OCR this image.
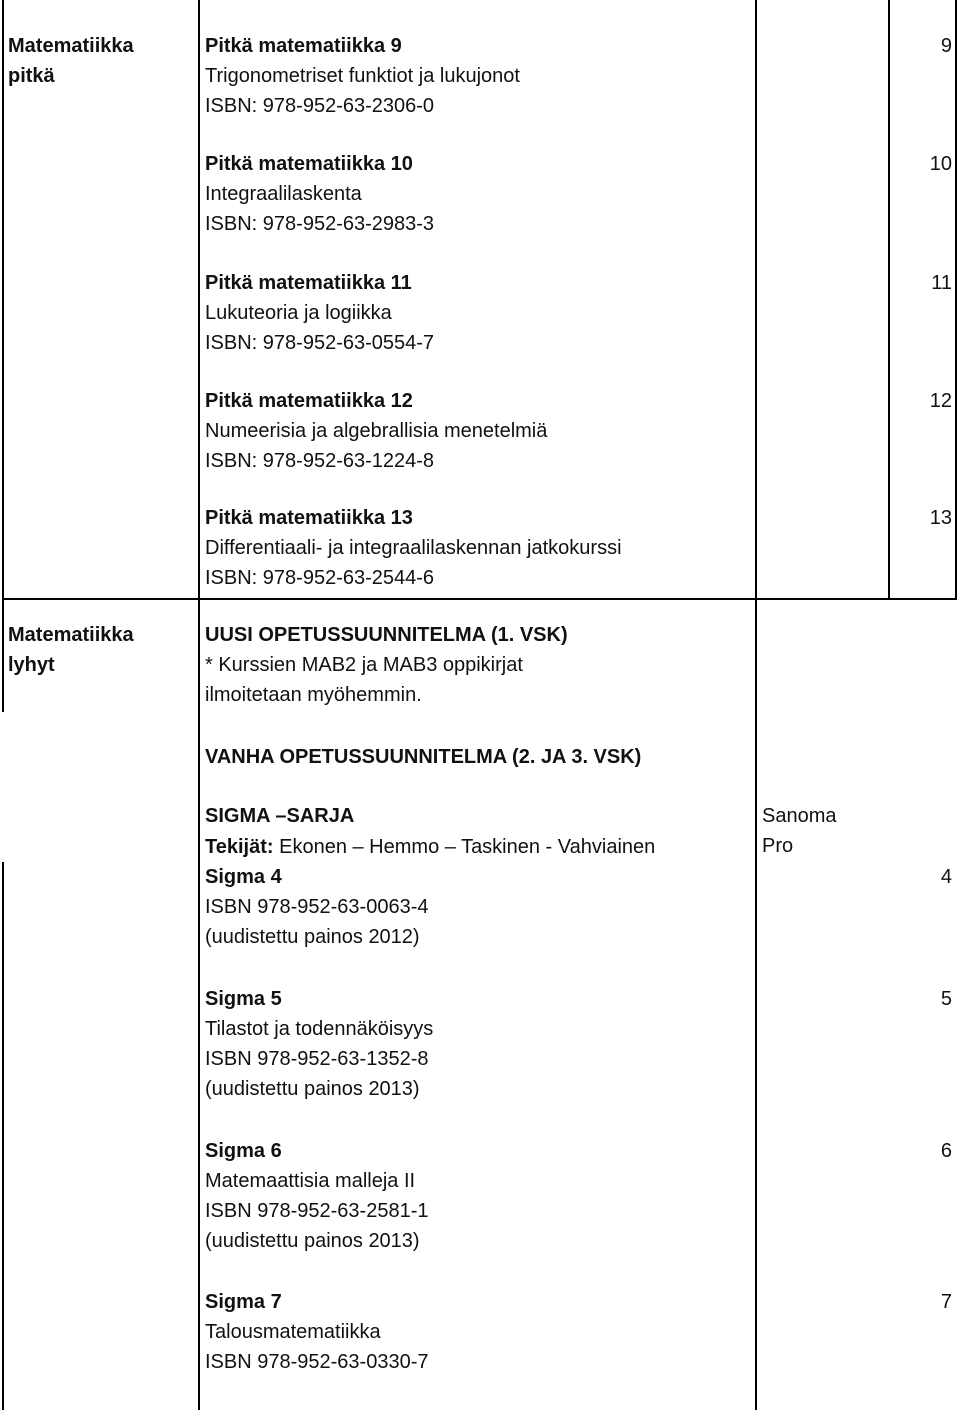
Matematiikka
pitkä
Matematiikka
lyhyt
Pitkä matematiikka 9
Trigonometriset funktiot ja lukujonot
ISBN: 978-952-63-2306-0
9
Pitkä matematiikka 10
Integraalilaskenta
ISBN: 978-952-63-2983-3
10
Pitkä matematiikka 11
Lukuteoria ja logiikka
ISBN: 978-952-63-0554-7
11
Pitkä matematiikka 12
Numeerisia ja algebrallisia menetelmiä
ISBN: 978-952-63-1224-8
12
Pitkä matematiikka 13
Differentiaali- ja integraalilaskennan jatkokurssi
ISBN: 978-952-63-2544-6
13
UUSI OPETUSSUUNNITELMA (1. VSK)
* Kurssien MAB2 ja MAB3 oppikirjat
ilmoitetaan myöhemmin.
VANHA OPETUSSUUNNITELMA (2. JA 3. VSK)
SIGMA –SARJA
Tekijät: Ekonen – Hemmo – Taskinen - Vahviainen
Sanoma
Pro
Sigma 4
ISBN 978-952-63-0063-4
(uudistettu painos 2012)
4
Sigma 5
Tilastot ja todennäköisyys
ISBN 978-952-63-1352-8
(uudistettu painos 2013)
5
Sigma 6
Matemaattisia malleja II
ISBN 978-952-63-2581-1
(uudistettu painos 2013)
6
Sigma 7
Talousmatematiikka
ISBN 978-952-63-0330-7
7
